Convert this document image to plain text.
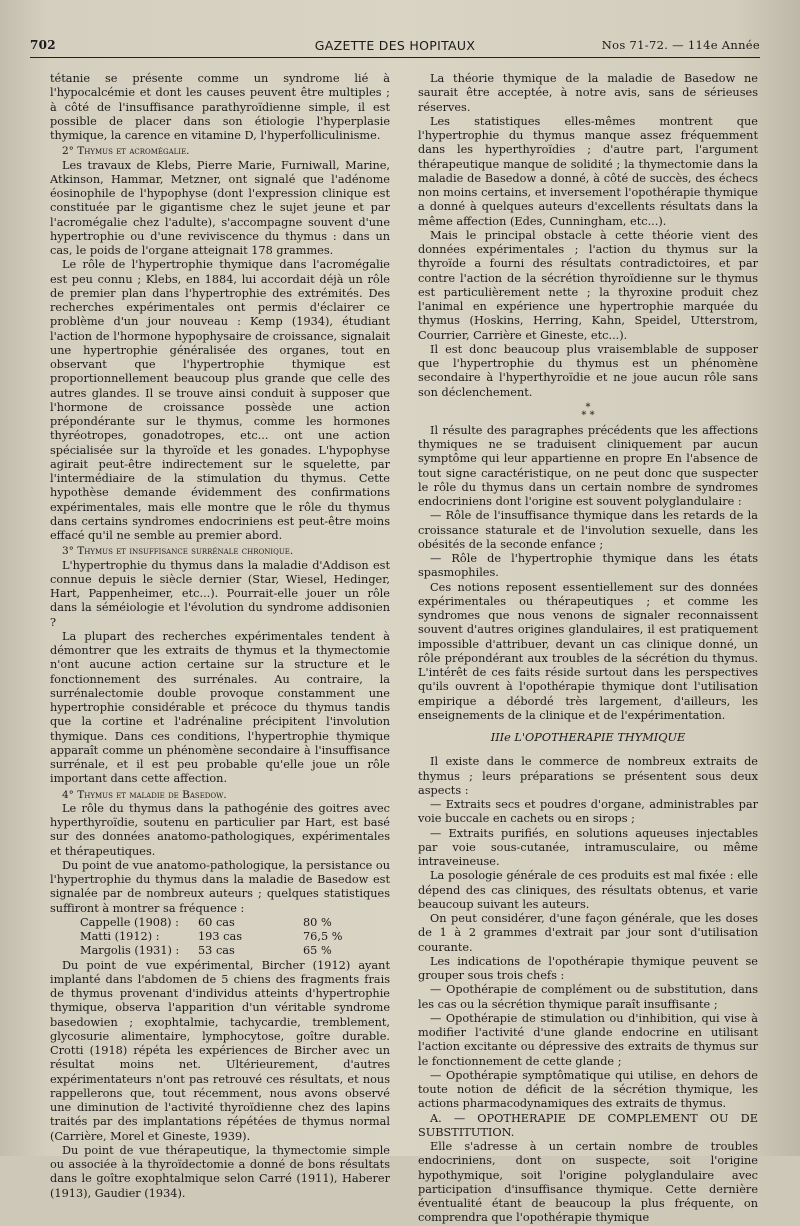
702	GAZETTE DES HOPITAUX	Nos 71-72. — 114e Année

tétanie se présente comme un syndrome lié à l'hypocalcémie et dont les causes peuvent être multiples ; à côté de l'insuffisance parathyroïdienne simple, il est possible de placer dans son étiologie l'hyperplasie thymique, la carence en vitamine D, l'hyperfolliculinisme.

2° Thymus et acromégalie.

Les travaux de Klebs, Pierre Marie, Furniwall, Marine, Atkinson, Hammar, Metzner, ont signalé que l'adénome éosinophile de l'hypophyse (dont l'expression clinique est constituée par le gigantisme chez le sujet jeune et par l'acromégalie chez l'adulte), s'accompagne souvent d'une hypertrophie ou d'une reviviscence du thymus : dans un cas, le poids de l'organe atteignait 178 grammes.

Le rôle de l'hypertrophie thymique dans l'acromégalie est peu connu ; Klebs, en 1884, lui accordait déjà un rôle de premier plan dans l'hypertrophie des extrémités. Des recherches expérimentales ont permis d'éclairer ce problème d'un jour nouveau : Kemp (1934), étudiant l'action de l'hormone hypophysaire de croissance, signalait une hypertrophie généralisée des organes, tout en observant que l'hypertrophie thymique est proportionnellement beaucoup plus grande que celle des autres glandes. Il se trouve ainsi conduit à supposer que l'hormone de croissance possède une action prépondérante sur le thymus, comme les hormones thyréotropes, gonadotropes, etc... ont une action spécialisée sur la thyroïde et les gonades. L'hypophyse agirait peut-être indirectement sur le squelette, par l'intermédiaire de la stimulation du thymus. Cette hypothèse demande évidemment des confirmations expérimentales, mais elle montre que le rôle du thymus dans certains syndromes endocriniens est peut-être moins effacé qu'il ne semble au premier abord.

3° Thymus et insuffisance surrénale chronique.

L'hypertrophie du thymus dans la maladie d'Addison est connue depuis le siècle dernier (Star, Wiesel, Hedinger, Hart, Pappenheimer, etc...). Pourrait-elle jouer un rôle dans la séméiologie et l'évolution du syndrome addisonien ?

La plupart des recherches expérimentales tendent à démontrer que les extraits de thymus et la thymectomie n'ont aucune action certaine sur la structure et le fonctionnement des surrénales. Au contraire, la surrénalectomie double provoque constamment une hypertrophie considérable et précoce du thymus tandis que la cortine et l'adrénaline précipitent l'involution thymique. Dans ces conditions, l'hypertrophie thymique apparaît comme un phénomène secondaire à l'insuffisance surrénale, et il est peu probable qu'elle joue un rôle important dans cette affection.

4° Thymus et maladie de Basedow.

Le rôle du thymus dans la pathogénie des goitres avec hyperthyroïdie, soutenu en particulier par Hart, est basé sur des données anatomo-pathologiques, expérimentales et thérapeutiques.

Du point de vue anatomo-pathologique, la persistance ou l'hypertrophie du thymus dans la maladie de Basedow est signalée par de nombreux auteurs ; quelques statistiques suffiront à montrer sa fréquence :

Cappelle (1908) :	60 cas	80 %
Matti (1912) :	193 cas	76,5 %
Margolis (1931) :	53 cas	65 %

Du point de vue expérimental, Bircher (1912) ayant implanté dans l'abdomen de 5 chiens des fragments frais de thymus provenant d'individus atteints d'hypertrophie thymique, observa l'apparition d'un véritable syndrome basedowien ; exophtalmie, tachycardie, tremblement, glycosurie alimentaire, lymphocytose, goître durable. Crotti (1918) répéta les expériences de Bircher avec un résultat moins net. Ultérieurement, d'autres expérimentateurs n'ont pas retrouvé ces résultats, et nous rappellerons que, tout récemment, nous avons observé une diminution de l'activité thyroïdienne chez des lapins traités par des implantations répétées de thymus normal (Carrière, Morel et Gineste, 1939).

Du point de vue thérapeutique, la thymectomie simple ou associée à la thyroïdectomie a donné de bons résultats dans le goître exophtalmique selon Carré (1911), Haberer (1913), Gaudier (1934).

La théorie thymique de la maladie de Basedow ne saurait être acceptée, à notre avis, sans de sérieuses réserves.

Les statistiques elles-mêmes montrent que l'hypertrophie du thymus manque assez fréquemment dans les hyperthyroïdies ; d'autre part, l'argument thérapeutique manque de solidité ; la thymectomie dans la maladie de Basedow a donné, à côté de succès, des échecs non moins certains, et inversement l'opothérapie thymique a donné à quelques auteurs d'excellents résultats dans la même affection (Edes, Cunningham, etc...).

Mais le principal obstacle à cette théorie vient des données expérimentales ; l'action du thymus sur la thyroïde a fourni des résultats contradictoires, et par contre l'action de la sécrétion thyroïdienne sur le thymus est particulièrement nette ; la thyroxine produit chez l'animal en expérience une hypertrophie marquée du thymus (Hoskins, Herring, Kahn, Speidel, Utterstrom, Courrier, Carrière et Gineste, etc...).

Il est donc beaucoup plus vraisemblable de supposer que l'hypertrophie du thymus est un phénomène secondaire à l'hyperthyroïdie et ne joue aucun rôle sans son déclenchement.

*
* *

Il résulte des paragraphes précédents que les affections thymiques ne se traduisent cliniquement par aucun symptôme qui leur appartienne en propre En l'absence de tout signe caractéristique, on ne peut donc que suspecter le rôle du thymus dans un certain nombre de syndromes endocriniens dont l'origine est souvent polyglandulaire :

— Rôle de l'insuffisance thymique dans les retards de la croissance staturale et de l'involution sexuelle, dans les obésités de la seconde enfance ;

— Rôle de l'hypertrophie thymique dans les états spasmophiles.

Ces notions reposent essentiellement sur des données expérimentales ou thérapeutiques ; et comme les syndromes que nous venons de signaler reconnaissent souvent d'autres origines glandulaires, il est pratiquement impossible d'attribuer, devant un cas clinique donné, un rôle prépondérant aux troubles de la sécrétion du thymus. L'intérêt de ces faits réside surtout dans les perspectives qu'ils ouvrent à l'opothérapie thymique dont l'utilisation empirique a débordé très largement, d'ailleurs, les enseignements de la clinique et de l'expérimentation.

IIIe L'OPOTHERAPIE THYMIQUE

Il existe dans le commerce de nombreux extraits de thymus ; leurs préparations se présentent sous deux aspects :

— Extraits secs et poudres d'organe, administrables par voie buccale en cachets ou en sirops ;

— Extraits purifiés, en solutions aqueuses injectables par voie sous-cutanée, intramusculaire, ou même intraveineuse.

La posologie générale de ces produits est mal fixée : elle dépend des cas cliniques, des résultats obtenus, et varie beaucoup suivant les auteurs.

On peut considérer, d'une façon générale, que les doses de 1 à 2 grammes d'extrait par jour sont d'utilisation courante.

Les indications de l'opothérapie thymique peuvent se grouper sous trois chefs :

— Opothérapie de complément ou de substitution, dans les cas ou la sécrétion thymique paraît insuffisante ;

— Opothérapie de stimulation ou d'inhibition, qui vise à modifier l'activité d'une glande endocrine en utilisant l'action excitante ou dépressive des extraits de thymus sur le fonctionnement de cette glande ;

— Opothérapie symptômatique qui utilise, en dehors de toute notion de déficit de la sécrétion thymique, les actions pharmacodynamiques des extraits de thymus.

A. — OPOTHERAPIE DE COMPLEMENT OU DE SUBSTITUTION.

Elle s'adresse à un certain nombre de troubles endocriniens, dont on suspecte, soit l'origine hypothymique, soit l'origine polyglandulaire avec participation d'insuffisance thymique. Cette dernière éventualité étant de beaucoup la plus fréquente, on comprendra que l'opothérapie thymique
